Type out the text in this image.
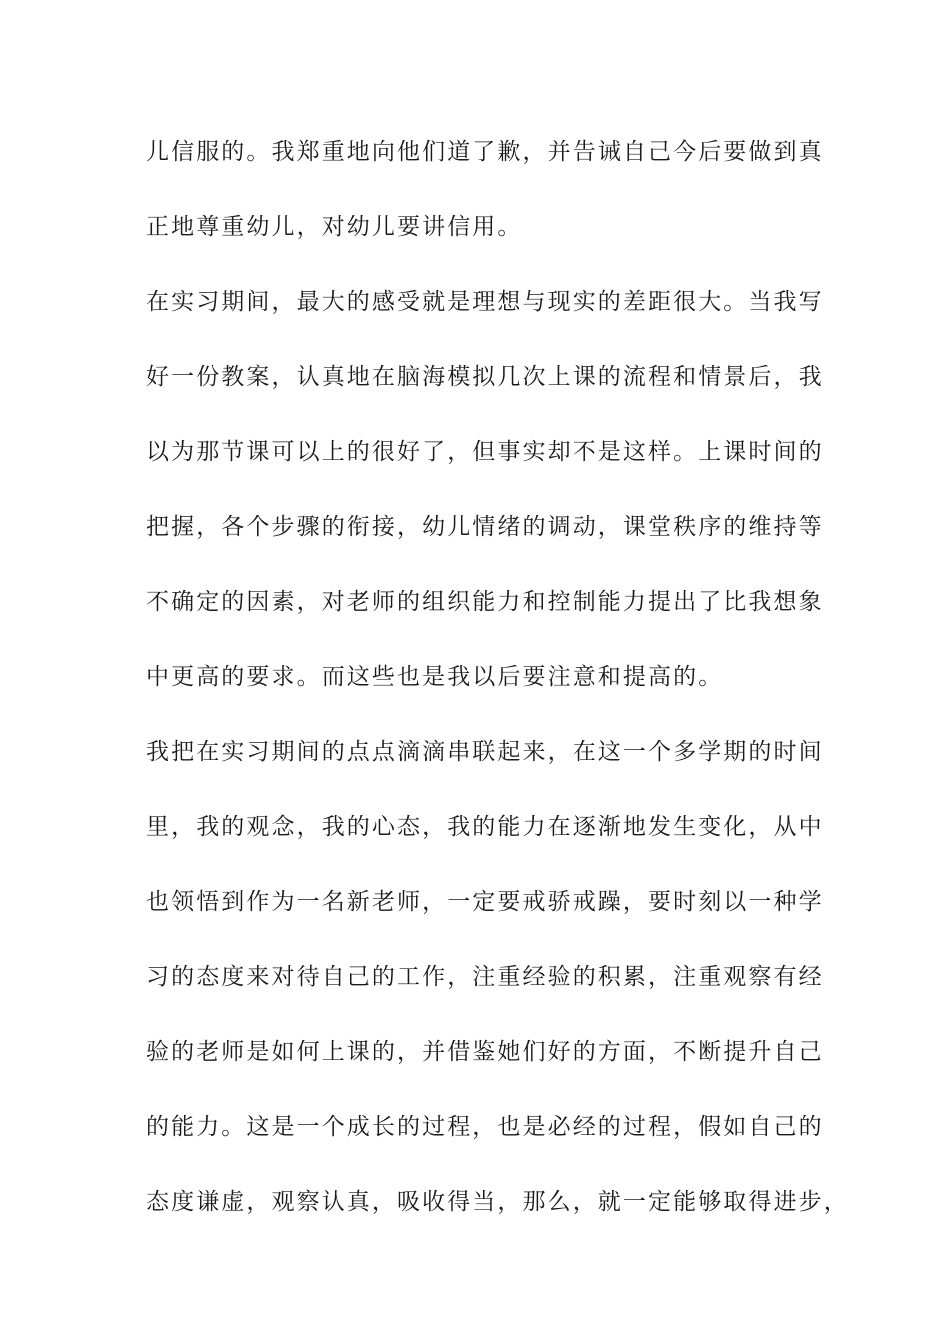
儿信服的。我郑重地向他们道了歉，并告诫自己今后要做到真
正地尊重幼儿，对幼儿要讲信用。
在实习期间，最大的感受就是理想与现实的差距很大。当我写
好一份教案，认真地在脑海模拟几次上课的流程和情景后，我
以为那节课可以上的很好了，但事实却不是这样。上课时间的
把握，各个步骤的衔接，幼儿情绪的调动，课堂秩序的维持等
不确定的因素，对老师的组织能力和控制能力提出了比我想象
中更高的要求。而这些也是我以后要注意和提高的。
我把在实习期间的点点滴滴串联起来，在这一个多学期的时间
里，我的观念，我的心态，我的能力在逐渐地发生变化，从中
也领悟到作为一名新老师，一定要戒骄戒躁，要时刻以一种学
习的态度来对待自己的工作，注重经验的积累，注重观察有经
验的老师是如何上课的，并借鉴她们好的方面，不断提升自己
的能力。这是一个成长的过程，也是必经的过程，假如自己的
态度谦虚，观察认真，吸收得当，那么，就一定能够取得进步，
